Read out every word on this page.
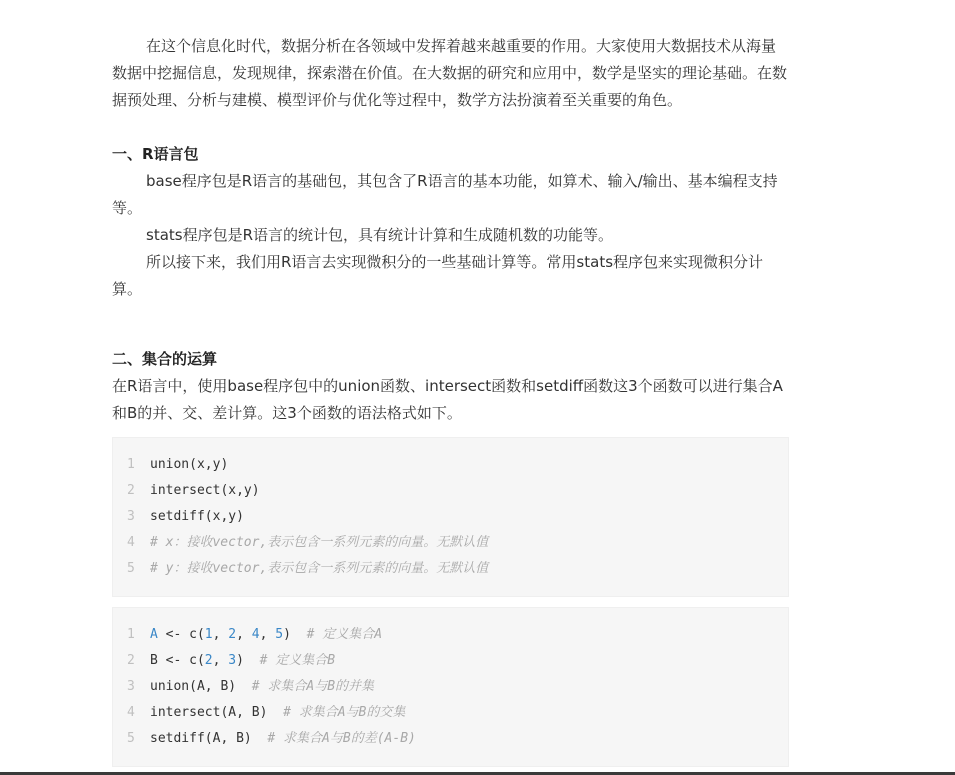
在这个信息化时代，数据分析在各领域中发挥着越来越重要的作用。大家使用大数据技术从海量数据中挖掘信息，发现规律，探索潜在价值。在大数据的研究和应用中，数学是坚实的理论基础。在数据预处理、分析与建模、模型评价与优化等过程中，数学方法扮演着至关重要的角色。

一、R语言包

base程序包是R语言的基础包，其包含了R语言的基本功能，如算术、输入/输出、基本编程支持等。

stats程序包是R语言的统计包，具有统计计算和生成随机数的功能等。

所以接下来，我们用R语言去实现微积分的一些基础计算等。常用stats程序包来实现微积分计算。

二、集合的运算

在R语言中，使用base程序包中的union函数、intersect函数和setdiff函数这3个函数可以进行集合A和B的并、交、差计算。这3个函数的语法格式如下。

1	union(x,y)
2	intersect(x,y)
3	setdiff(x,y)
4	# x：接收vector,表示包含一系列元素的向量。无默认值
5	# y：接收vector,表示包含一系列元素的向量。无默认值
1	A <- c(1, 2, 4, 5)  # 定义集合A
2	B <- c(2, 3)  # 定义集合B
3	union(A, B)  # 求集合A与B的并集
4	intersect(A, B)  # 求集合A与B的交集
5	setdiff(A, B)  # 求集合A与B的差(A-B)
